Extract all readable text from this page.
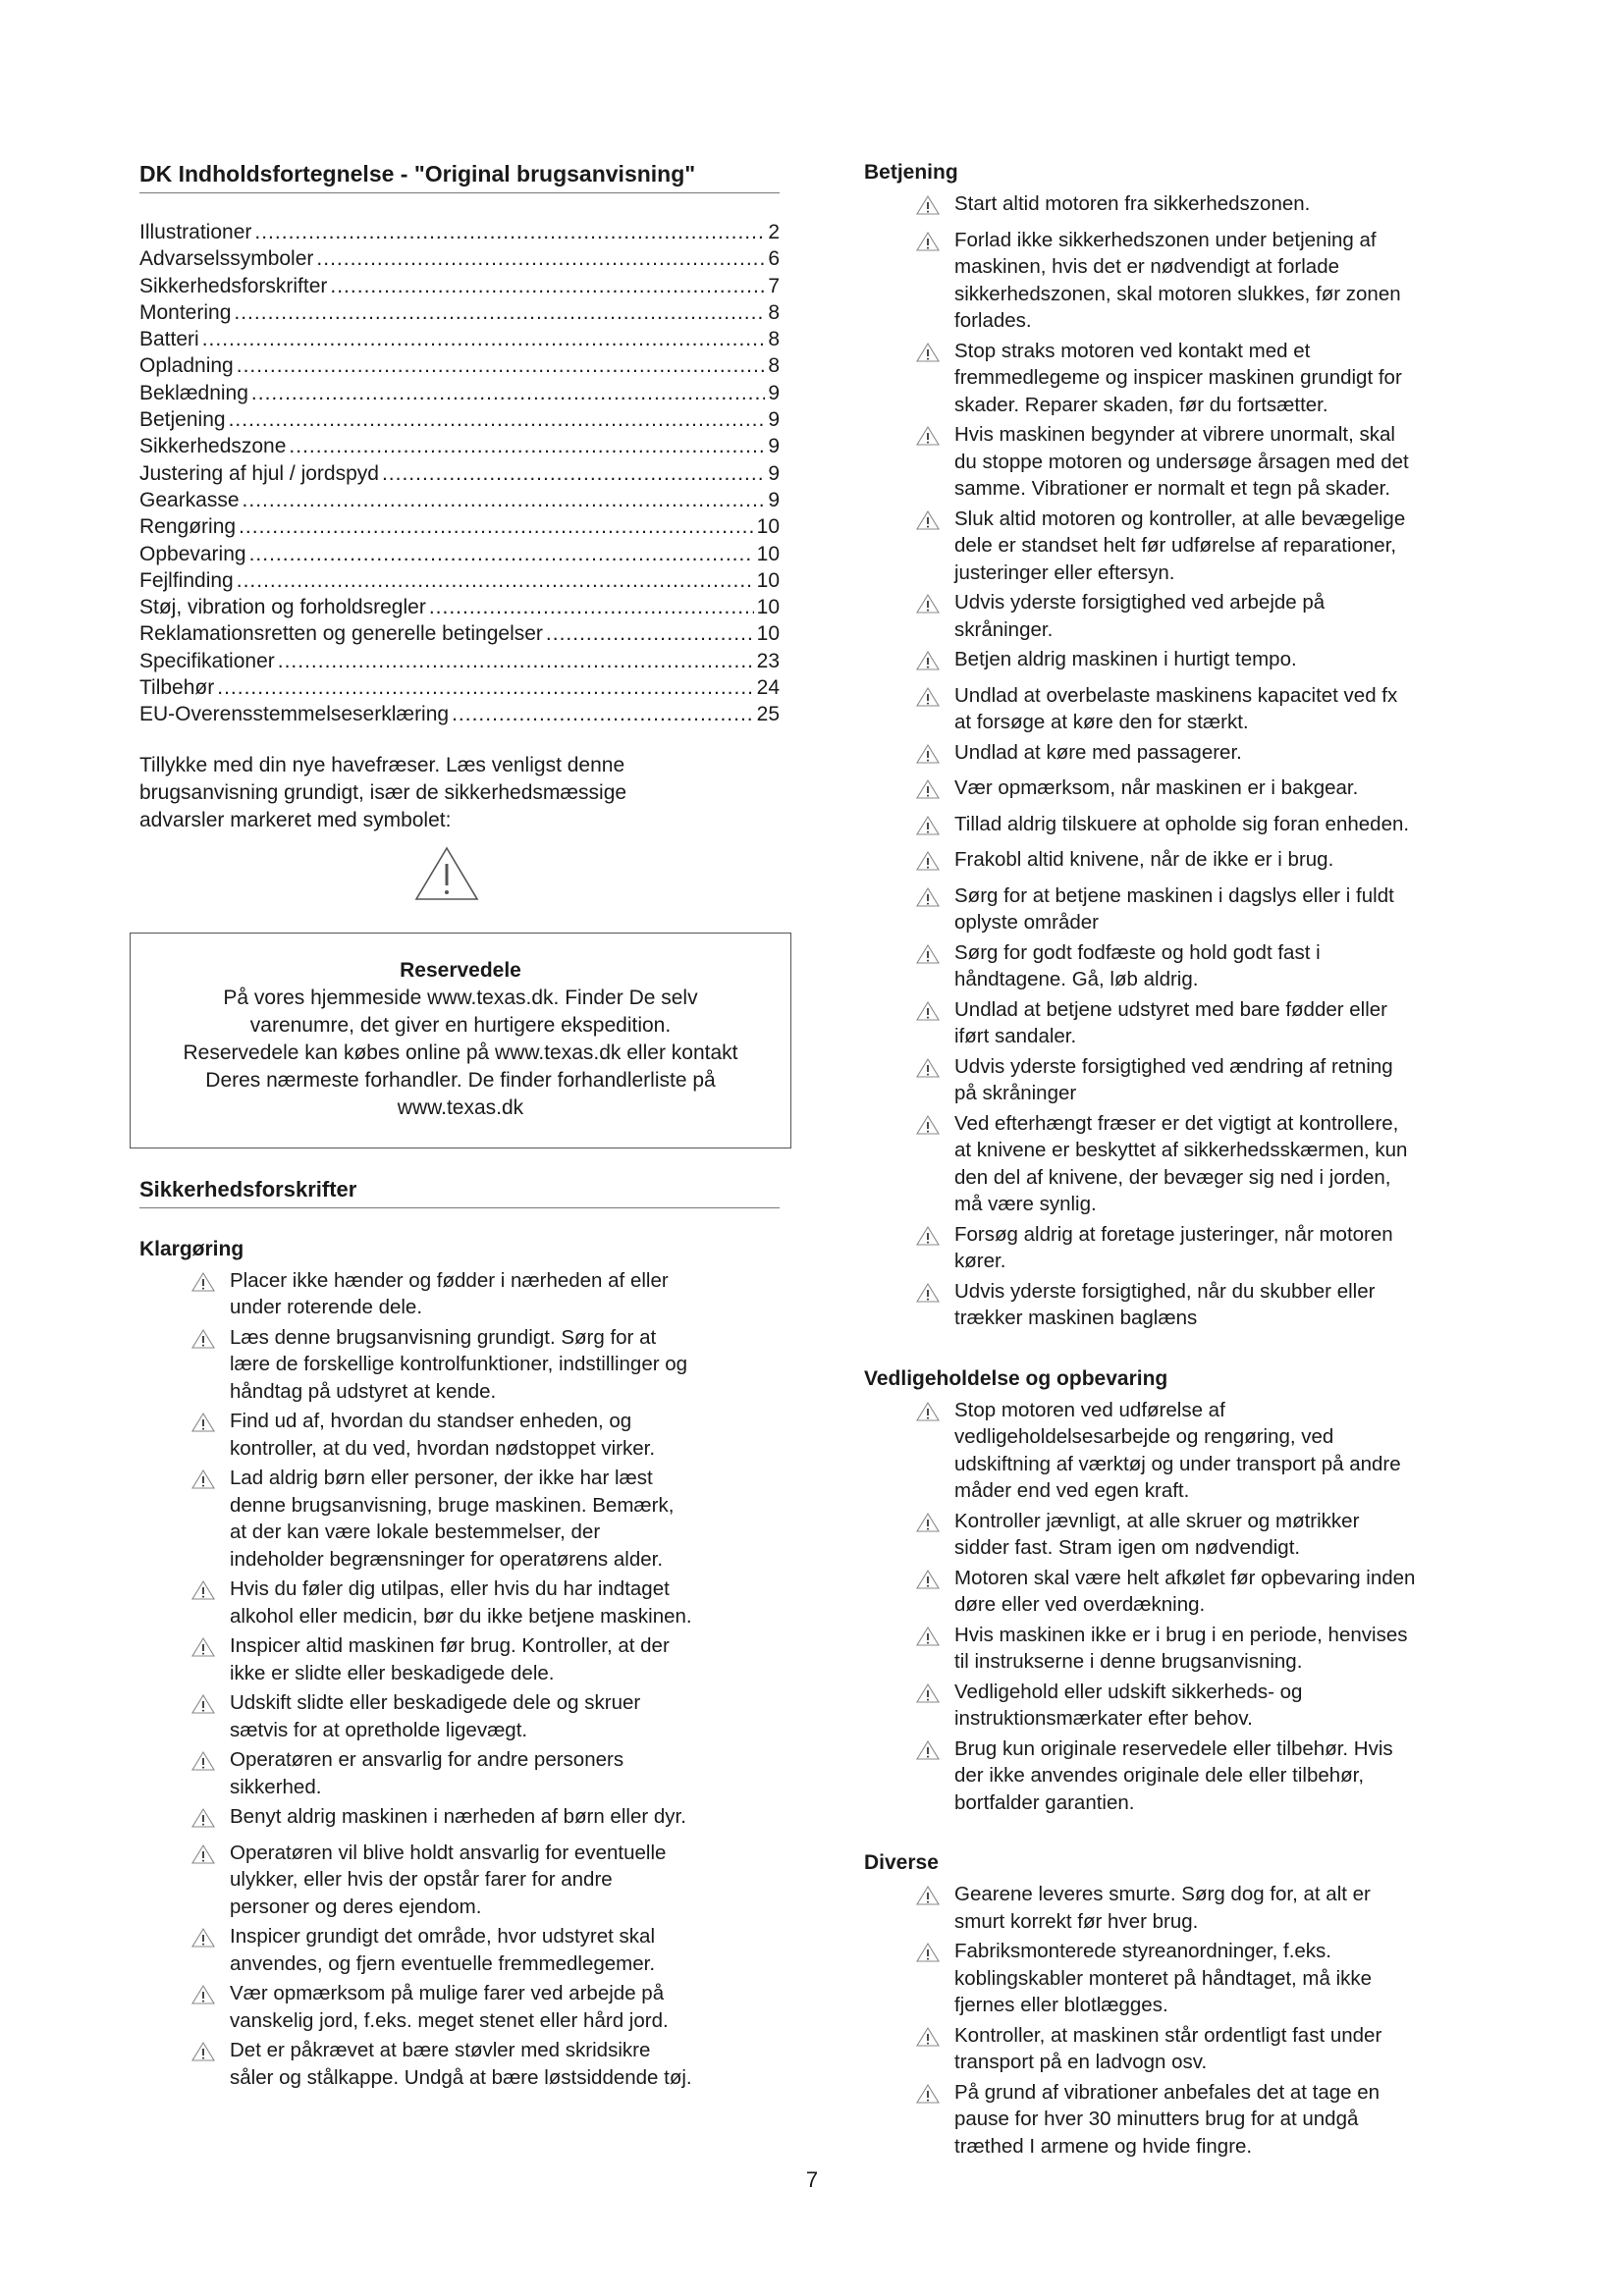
DK Indholdsfortegnelse - "Original brugsanvisning"
Illustrationer .....	2
Advarselssymboler .....	6
Sikkerhedsforskrifter .....	7
Montering .....	8
Batteri .....	8
Opladning .....	8
Beklædning .....	9
Betjening .....	9
Sikkerhedszone .....	9
Justering af hjul / jordspyd .....	9
Gearkasse .....	9
Rengøring .....	10
Opbevaring .....	10
Fejlfinding .....	10
Støj, vibration og forholdsregler .....	10
Reklamationsretten og generelle betingelser .....	10
Specifikationer .....	23
Tilbehør .....	24
EU-Overensstemmelseserklæring .....	25
Tillykke med din nye havefræser. Læs venligst denne
brugsanvisning grundigt, især de sikkerhedsmæssige
advarsler markeret med symbolet:
Reservedele
På vores hjemmeside www.texas.dk. Finder De selv
varenumre, det giver en hurtigere ekspedition.
Reservedele kan købes online på www.texas.dk eller kontakt
Deres nærmeste forhandler. De finder forhandlerliste på
www.texas.dk
Sikkerhedsforskrifter
Klargøring
Placer ikke hænder og fødder i nærheden af eller
under roterende dele.
Læs denne brugsanvisning grundigt. Sørg for at
lære de forskellige kontrolfunktioner, indstillinger og
håndtag på udstyret at kende.
Find ud af, hvordan du standser enheden, og
kontroller, at du ved, hvordan nødstoppet virker.
Lad aldrig børn eller personer, der ikke har læst
denne brugsanvisning, bruge maskinen. Bemærk,
at der kan være lokale bestemmelser, der
indeholder begrænsninger for operatørens alder.
Hvis du føler dig utilpas, eller hvis du har indtaget
alkohol eller medicin, bør du ikke betjene maskinen.
Inspicer altid maskinen før brug. Kontroller, at der
ikke er slidte eller beskadigede dele.
Udskift slidte eller beskadigede dele og skruer
sætvis for at opretholde ligevægt.
Operatøren er ansvarlig for andre personers
sikkerhed.
Benyt aldrig maskinen i nærheden af børn eller dyr.
Operatøren vil blive holdt ansvarlig for eventuelle
ulykker, eller hvis der opstår farer for andre
personer og deres ejendom.
Inspicer grundigt det område, hvor udstyret skal
anvendes, og fjern eventuelle fremmedlegemer.
Vær opmærksom på mulige farer ved arbejde på
vanskelig jord, f.eks. meget stenet eller hård jord.
Det er påkrævet at bære støvler med skridsikre
såler og stålkappe. Undgå at bære løstsiddende tøj.
Betjening
Start altid motoren fra sikkerhedszonen.
Forlad ikke sikkerhedszonen under betjening af
maskinen, hvis det er nødvendigt at forlade
sikkerhedszonen, skal motoren slukkes, før zonen
forlades.
Stop straks motoren ved kontakt med et
fremmedlegeme og inspicer maskinen grundigt for
skader. Reparer skaden, før du fortsætter.
Hvis maskinen begynder at vibrere unormalt, skal
du stoppe motoren og undersøge årsagen med det
samme. Vibrationer er normalt et tegn på skader.
Sluk altid motoren og kontroller, at alle bevægelige
dele er standset helt før udførelse af reparationer,
justeringer eller eftersyn.
Udvis yderste forsigtighed ved arbejde på
skråninger.
Betjen aldrig maskinen i hurtigt tempo.
Undlad at overbelaste maskinens kapacitet ved fx
at forsøge at køre den for stærkt.
Undlad at køre med passagerer.
Vær opmærksom, når maskinen er i bakgear.
Tillad aldrig tilskuere at opholde sig foran enheden.
Frakobl altid knivene, når de ikke er i brug.
Sørg for at betjene maskinen i dagslys eller i fuldt
oplyste områder
Sørg for godt fodfæste og hold godt fast i
håndtagene. Gå, løb aldrig.
Undlad at betjene udstyret med bare fødder eller
iført sandaler.
Udvis yderste forsigtighed ved ændring af retning
på skråninger
Ved efterhængt fræser er det vigtigt at kontrollere,
at knivene er beskyttet af sikkerhedsskærmen, kun
den del af knivene, der bevæger sig ned i jorden,
må være synlig.
Forsøg aldrig at foretage justeringer, når motoren
kører.
Udvis yderste forsigtighed, når du skubber eller
trækker maskinen baglæns
Vedligeholdelse og opbevaring
Stop motoren ved udførelse af
vedligeholdelsesarbejde og rengøring, ved
udskiftning af værktøj og under transport på andre
måder end ved egen kraft.
Kontroller jævnligt, at alle skruer og møtrikker
sidder fast. Stram igen om nødvendigt.
Motoren skal være helt afkølet før opbevaring inden
døre eller ved overdækning.
Hvis maskinen ikke er i brug i en periode, henvises
til instrukserne i denne brugsanvisning.
Vedligehold eller udskift sikkerheds- og
instruktionsmærkater efter behov.
Brug kun originale reservedele eller tilbehør. Hvis
der ikke anvendes originale dele eller tilbehør,
bortfalder garantien.
Diverse
Gearene leveres smurte. Sørg dog for, at alt er
smurt korrekt før hver brug.
Fabriksmonterede styreanordninger, f.eks.
koblingskabler monteret på håndtaget, må ikke
fjernes eller blotlægges.
Kontroller, at maskinen står ordentligt fast under
transport på en ladvogn osv.
På grund af vibrationer anbefales det at tage en
pause for hver 30 minutters brug for at undgå
træthed I armene og hvide fingre.
7
